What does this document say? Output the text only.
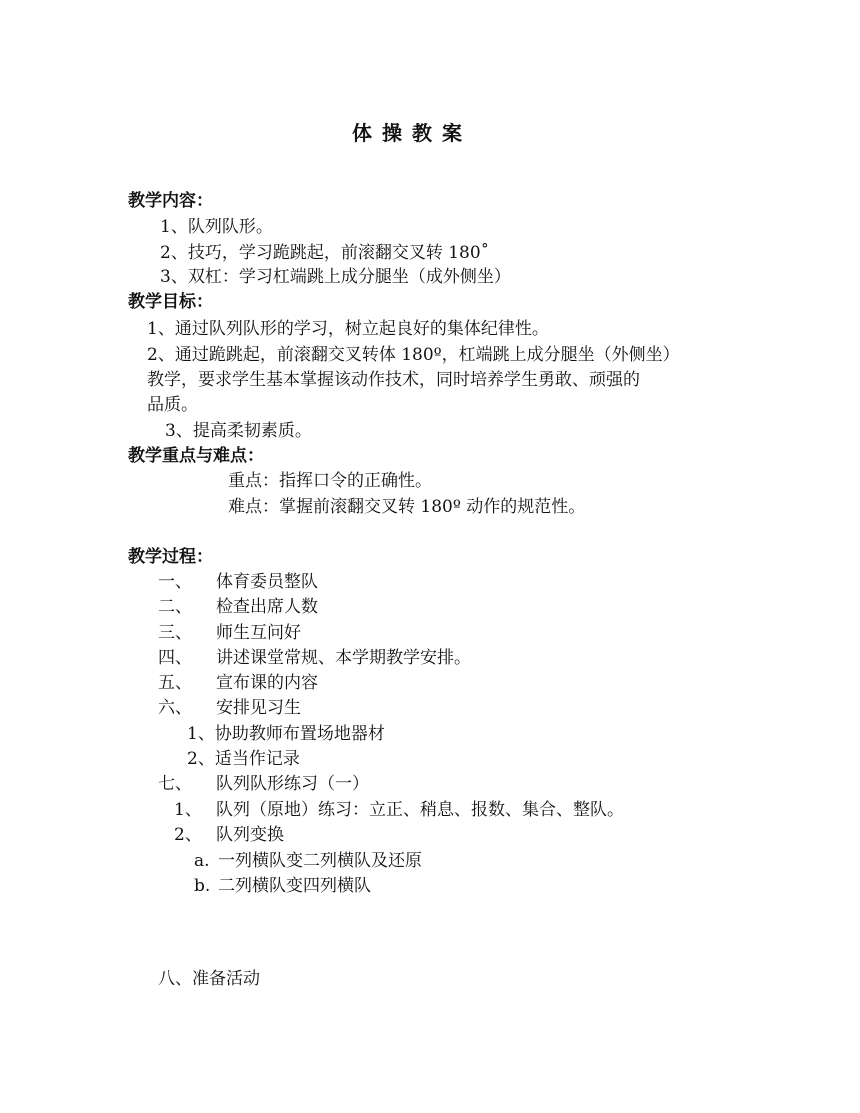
体操教案
教学内容：
1、队列队形。
2、技巧，学习跪跳起，前滚翻交叉转 180˚
3、双杠：学习杠端跳上成分腿坐（成外侧坐）
教学目标：
1、通过队列队形的学习，树立起良好的集体纪律性。
2、通过跪跳起，前滚翻交叉转体 180º，杠端跳上成分腿坐（外侧坐）
教学，要求学生基本掌握该动作技术，同时培养学生勇敢、顽强的
品质。
3、提高柔韧素质。
教学重点与难点：
重点：指挥口令的正确性。
难点：掌握前滚翻交叉转 180º 动作的规范性。
教学过程：
一、 体育委员整队
二、 检查出席人数
三、 师生互问好
四、 讲述课堂常规、本学期教学安排。
五、 宣布课的内容
六、 安排见习生
1、协助教师布置场地器材
2、适当作记录
七、 队列队形练习（一）
1、 队列（原地）练习：立正、稍息、报数、集合、整队。
2、 队列变换
a. 一列横队变二列横队及还原
b. 二列横队变四列横队
八、准备活动
